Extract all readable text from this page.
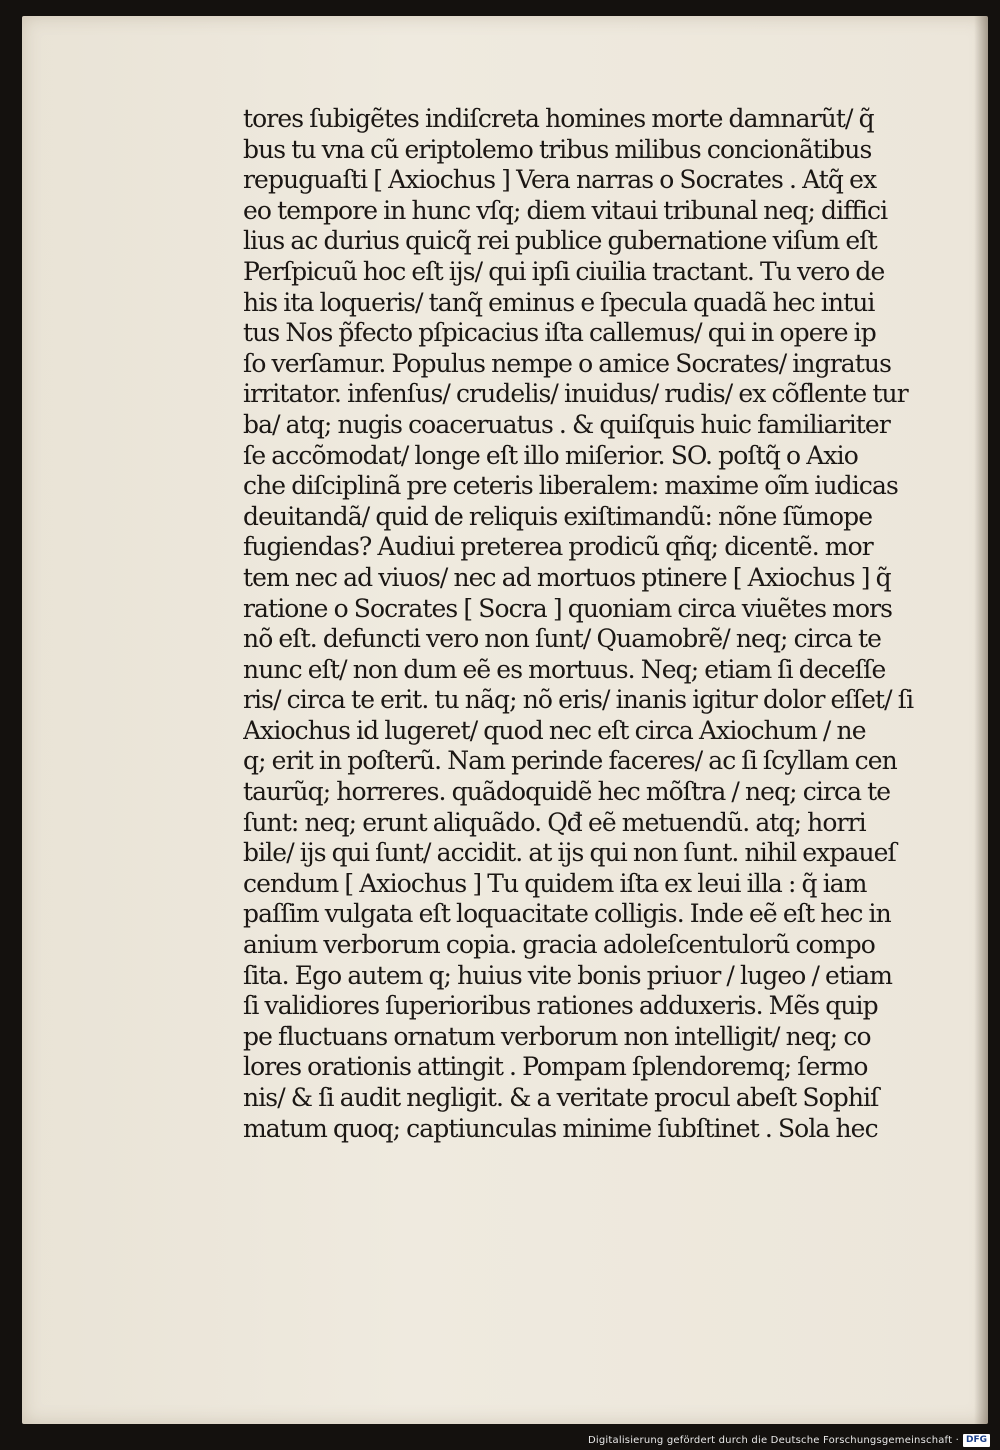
tores ſubigẽtes indiſcreta homines morte damnarũt/ q̃
bus tu vna cũ eriptolemo tribus milibus concionãtibus
repuguaſti [ Axiochus ] Vera narras o Socrates . Atq̃ ex
eo tempore in hunc vſq; diem vitaui tribunal neq; diffici
lius ac durius quicq̃ rei publice gubernatione viſum eſt
Perſpicuũ hoc eſt ijs/ qui ipſi ciuilia tractant. Tu vero de
his ita loqueris/ tanq̃ eminus e ſpecula quadã hec intui
tus Nos p̃fecto pſpicacius iſta callemus/ qui in opere ip
ſo verſamur. Populus nempe o amice Socrates/ ingratus
irritator. infenſus/ crudelis/ inuidus/ rudis/ ex cõflente tur
ba/ atq; nugis coaceruatus . & quiſquis huic familiariter
ſe accõmodat/ longe eſt illo miſerior. SO. poſtq̃ o Axio
che diſciplinã pre ceteris liberalem: maxime oĩm iudicas
deuitandã/ quid de reliquis exiſtimandũ: nõne ſũmope
fugiendas? Audiui preterea prodicũ qñq; dicentẽ. mor
tem nec ad viuos/ nec ad mortuos ptinere [ Axiochus ] q̃
ratione o Socrates [ Socra ] quoniam circa viuẽtes mors
nõ eſt. defuncti vero non ſunt/ Quamobrẽ/ neq; circa te
nunc eſt/ non dum eẽ es mortuus. Neq; etiam ſi deceſſe
ris/ circa te erit. tu nãq; nõ eris/ inanis igitur dolor eſſet/ ſi
Axiochus id lugeret/ quod nec eſt circa Axiochum / ne
q; erit in poſterũ. Nam perinde faceres/ ac ſi ſcyllam cen
taurũq; horreres. quãdoquidẽ hec mõſtra / neq; circa te
ſunt: neq; erunt aliquãdo. Qđ eẽ metuendũ. atq; horri
bile/ ijs qui ſunt/ accidit. at ijs qui non ſunt. nihil expaueſ
cendum [ Axiochus ] Tu quidem iſta ex leui illa : q̃ iam
paſſim vulgata eſt loquacitate colligis. Inde eẽ eſt hec in
anium verborum copia. gracia adoleſcentulorũ compo
ſita. Ego autem q; huius vite bonis priuor / lugeo / etiam
ſi validiores ſuperioribus rationes adduxeris. Mẽs quip
pe fluctuans ornatum verborum non intelligit/ neq; co
lores orationis attingit . Pompam ſplendoremq; ſermo
nis/ & ſi audit negligit. & a veritate procul abeſt Sophiſ
matum quoq; captiunculas minime ſubſtinet . Sola hec
Digitalisierung gefördert durch die Deutsche Forschungsgemeinschaft · DFG
